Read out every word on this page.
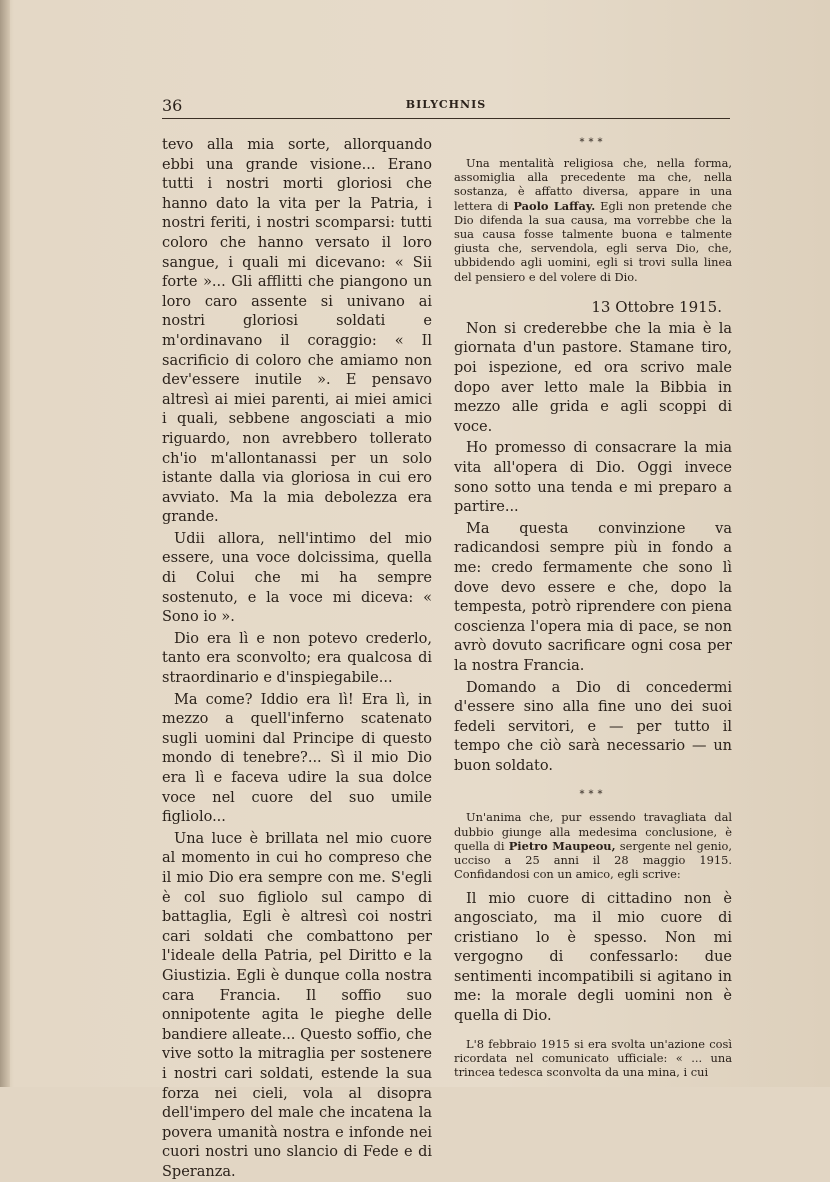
36	BILYCHNIS

tevo alla mia sorte, allorquando ebbi una grande visione... Erano tutti i nostri morti gloriosi che hanno dato la vita per la Patria, i nostri feriti, i nostri scomparsi: tutti coloro che hanno versato il loro sangue, i quali mi dicevano: « Sii forte »... Gli afflitti che piangono un loro caro assente si univano ai nostri gloriosi soldati e m'ordinavano il coraggio: « Il sacrificio di coloro che amiamo non dev'essere inutile ». E pensavo altresì ai miei parenti, ai miei amici i quali, sebbene angosciati a mio riguardo, non avrebbero tollerato ch'io m'allontanassi per un solo istante dalla via gloriosa in cui ero avviato. Ma la mia debolezza era grande.

Udii allora, nell'intimo del mio essere, una voce dolcissima, quella di Colui che mi ha sempre sostenuto, e la voce mi diceva: « Sono io ».

Dio era lì e non potevo crederlo, tanto era sconvolto; era qualcosa di straordinario e d'inspiegabile...

Ma come? Iddio era lì! Era lì, in mezzo a quell'inferno scatenato sugli uomini dal Principe di questo mondo di tenebre?... Sì il mio Dio era lì e faceva udire la sua dolce voce nel cuore del suo umile figliolo...

Una luce è brillata nel mio cuore al momento in cui ho compreso che il mio Dio era sempre con me. S'egli è col suo figliolo sul campo di battaglia, Egli è altresì coi nostri cari soldati che combattono per l'ideale della Patria, pel Diritto e la Giustizia. Egli è dunque colla nostra cara Francia. Il soffio suo onnipotente agita le pieghe delle bandiere alleate... Questo soffio, che vive sotto la mitraglia per sostenere i nostri cari soldati, estende la sua forza nei cieli, vola al disopra dell'impero del male che incatena la povera umanità nostra e infonde nei cuori nostri uno slancio di Fede e di Speranza.

***

Una mentalità religiosa che, nella forma, assomiglia alla precedente ma che, nella sostanza, è affatto diversa, appare in una lettera di Paolo Laffay. Egli non pretende che Dio difenda la sua causa, ma vorrebbe che la sua causa fosse talmente buona e talmente giusta che, servendola, egli serva Dio, che, ubbidendo agli uomini, egli si trovi sulla linea del pensiero e del volere di Dio.

13 Ottobre 1915.

Non si crederebbe che la mia è la giornata d'un pastore. Stamane tiro, poi ispezione, ed ora scrivo male dopo aver letto male la Bibbia in mezzo alle grida e agli scoppi di voce.

Ho promesso di consacrare la mia vita all'opera di Dio. Oggi invece sono sotto una tenda e mi preparo a partire...

Ma questa convinzione va radicandosi sempre più in fondo a me: credo fermamente che sono lì dove devo essere e che, dopo la tempesta, potrò riprendere con piena coscienza l'opera mia di pace, se non avrò dovuto sacrificare ogni cosa per la nostra Francia.

Domando a Dio di concedermi d'essere sino alla fine uno dei suoi fedeli servitori, e — per tutto il tempo che ciò sarà necessario — un buon soldato.

***

Un'anima che, pur essendo travagliata dal dubbio giunge alla medesima conclusione, è quella di Pietro Maupeou, sergente nel genio, ucciso a 25 anni il 28 maggio 1915. Confidandosi con un amico, egli scrive:

Il mio cuore di cittadino non è angosciato, ma il mio cuore di cristiano lo è spesso. Non mi vergogno di confessarlo: due sentimenti incompatibili si agitano in me: la morale degli uomini non è quella di Dio.

L'8 febbraio 1915 si era svolta un'azione così ricordata nel comunicato ufficiale: « ... una trincea tedesca sconvolta da una mina, i cui
